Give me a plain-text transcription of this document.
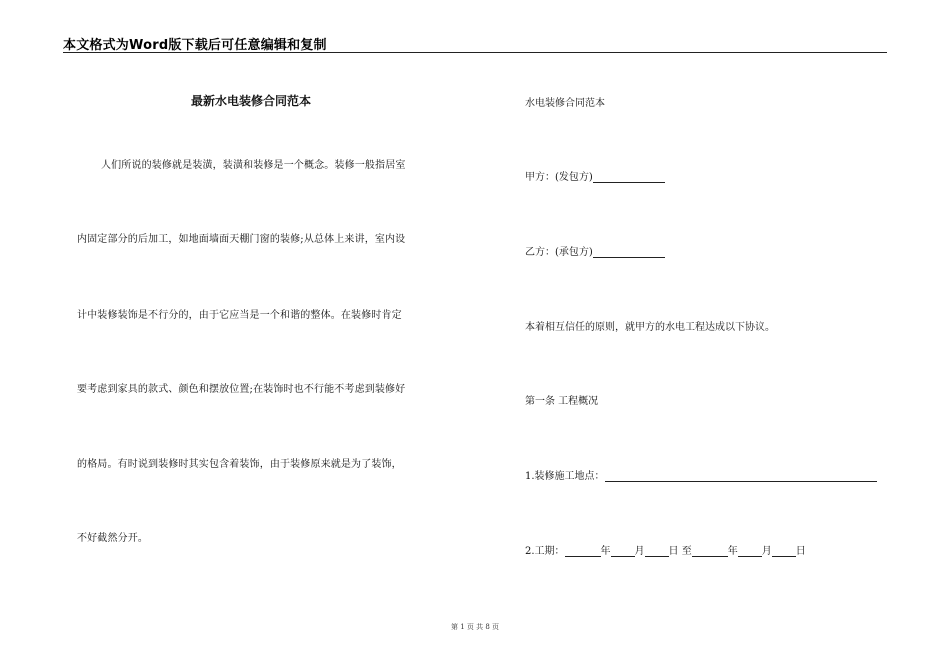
本文格式为Word版下载后可任意编辑和复制
最新水电装修合同范本
人们所说的装修就是装潢，装潢和装修是一个概念。装修一般指居室
内固定部分的后加工，如地面墙面天棚门窗的装修;从总体上来讲，室内设
计中装修装饰是不行分的，由于它应当是一个和谐的整体。在装修时肯定
要考虑到家具的款式、颜色和摆放位置;在装饰时也不行能不考虑到装修好
的格局。有时说到装修时其实包含着装饰，由于装修原来就是为了装饰，
不好截然分开。
水电装修合同范本
甲方：(发包方)
乙方：(承包方)
本着相互信任的原则，就甲方的水电工程达成以下协议。
第一条 工程概况
1.装修施工地点：
2.工期：	年 月 日 至	年 月 日
第 1 页 共 8 页
